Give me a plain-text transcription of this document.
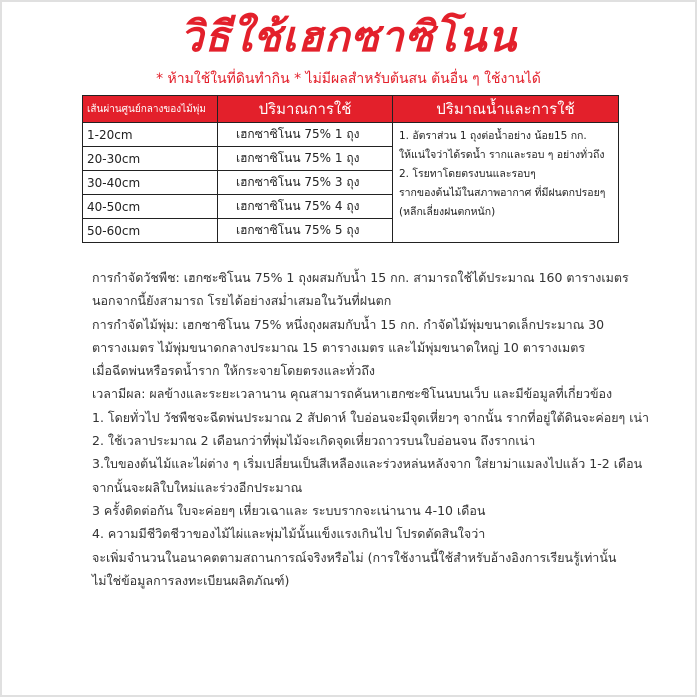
วิธีใช้เฮกซาซิโนน
* ห้ามใช้ในที่ดินทำกิน * ไม่มีผลสำหรับต้นสน ต้นอื่น ๆ ใช้งานได้
เส้นผ่านศูนย์กลางของไม้พุ่ม	ปริมาณการใช้	ปริมาณน้ำและการใช้
1-20cm	เฮกซาซิโนน 75% 1 ถุง	1. อัตราส่วน 1 ถุงต่อน้ำอย่าง น้อย15 กก.
ให้แน่ใจว่าได้รดน้ำ รากและรอบ ๆ อย่างทั่วถึง
2. โรยทาโดยตรงบนและรอบๆ
รากของต้นไม้ในสภาพอากาศ ที่มีฝนตกปรอยๆ
(หลีกเลี่ยงฝนตกหนัก)

20-30cm	เฮกซาซิโนน 75% 1 ถุง	
30-40cm	เฮกซาซิโนน 75% 3 ถุง	
40-50cm	เฮกซาซิโนน 75% 4 ถุง	
50-60cm	เฮกซาซิโนน 75% 5 ถุง	

การกำจัดวัชพืช: เฮกซะซิโนน 75% 1 ถุงผสมกับน้ำ 15 กก. สามารถใช้ได้ประมาณ 160 ตารางเมตร

นอกจากนี้ยังสามารถ โรยได้อย่างสม่ำเสมอในวันที่ฝนตก

การกำจัดไม้พุ่ม: เฮกซาซิโนน 75% หนึ่งถุงผสมกับน้ำ 15 กก. กำจัดไม้พุ่มขนาดเล็กประมาณ 30

ตารางเมตร ไม้พุ่มขนาดกลางประมาณ 15 ตารางเมตร และไม้พุ่มขนาดใหญ่ 10 ตารางเมตร

เมื่อฉีดพ่นหรือรดน้ำราก ให้กระจายโดยตรงและทั่วถึง

เวลามีผล: ผลข้างและระยะเวลานาน คุณสามารถค้นหาเฮกซะซิโนนบนเว็บ และมีข้อมูลที่เกี่ยวข้อง

1. โดยทั่วไป วัชพืชจะฉีดพ่นประมาณ 2 สัปดาห์ ใบอ่อนจะมีจุดเหี่ยวๆ จากนั้น รากที่อยู่ใต้ดินจะค่อยๆ เน่า

2. ใช้เวลาประมาณ 2 เดือนกว่าที่พุ่มไม้จะเกิดจุดเหี่ยวถาวรบนใบอ่อนจน ถึงรากเน่า

3.ใบของต้นไม้และไผ่ต่าง ๆ เริ่มเปลี่ยนเป็นสีเหลืองและร่วงหล่นหลังจาก ใส่ยาม่าแมลงไปแล้ว 1-2 เดือน

จากนั้นจะผลิใบใหม่และร่วงอีกประมาณ

3 ครั้งติดต่อกัน ใบจะค่อยๆ เหี่ยวเฉาและ ระบบรากจะเน่านาน 4-10 เดือน

4. ความมีชีวิตชีวาของไม้ไผ่และพุ่มไม้นั้นแข็งแรงเกินไป โปรดตัดสินใจว่า

จะเพิ่มจำนวนในอนาคตตามสถานการณ์จริงหรือไม่ (การใช้งานนี้ใช้สำหรับอ้างอิงการเรียนรู้เท่านั้น

ไม่ใช่ข้อมูลการลงทะเบียนผลิตภัณฑ์)
